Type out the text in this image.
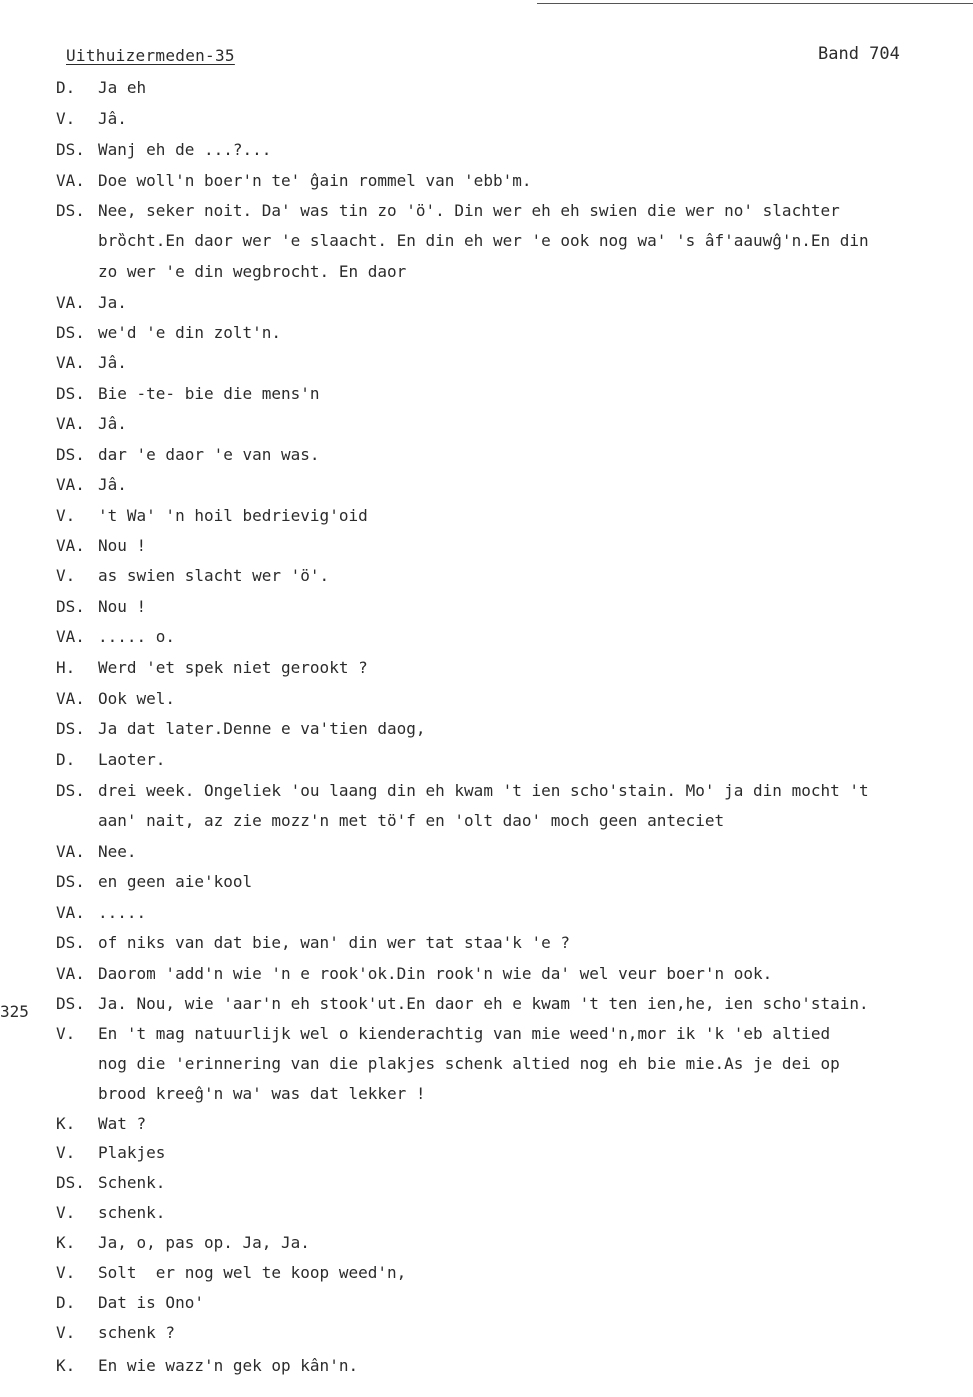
Uithuizermeden-35	Band 704
325
D. Ja eh
V. Jâ.
DS. Wanj eh de ...?...
VA. Doe woll'n boer'n te' ĝain rommel van 'ebb'm.
DS. Nee, seker noit. Da' was tin zo 'ö'. Din wer eh eh swien die wer no' slachter
brȍcht.En daor wer 'e slaacht. En din eh wer 'e ook nog wa' 's âf'aauwĝ'n.En din
zo wer 'e din wegbrocht. En daor
VA. Ja.
DS. we'd 'e din zolt'n.
VA. Jâ.
DS. Bie -te- bie die mens'n
VA. Jâ.
DS. dar 'e daor 'e van was.
VA. Jâ.
V. 't Wa' 'n hoil bedrievig'oid
VA. Nou !
V. as swien slacht wer 'ö'.
DS. Nou !
VA. ..... o.
H. Werd 'et spek niet gerookt ?
VA. Ook wel.
DS. Ja dat later.Denne e va'tien daog,
D. Laoter.
DS. drei week. Ongeliek 'ou laang din eh kwam 't ien scho'stain. Mo' ja din mocht 't
aan' nait, az zie mozz'n met tö'f en 'olt dao' moch geen anteciet
VA. Nee.
DS. en geen aie'kool
VA. .....
DS. of niks van dat bie, wan' din wer tat staa'k 'e ?
VA. Daorom 'add'n wie 'n e rook'ok.Din rook'n wie da' wel veur boer'n ook.
DS. Ja. Nou, wie 'aar'n eh stook'ut.En daor eh e kwam 't ten ien,he, ien scho'stain.
V. En 't mag natuurlijk wel o kienderachtig van mie weed'n,mor ik 'k 'eb altied
nog die 'erinnering van die plakjes schenk altied nog eh bie mie.As je dei op
brood kreeĝ'n wa' was dat lekker !
K. Wat ?
V. Plakjes
DS. Schenk.
V. schenk.
K. Ja, o, pas op. Ja, Ja.
V. Solt  er nog wel te koop weed'n,
D. Dat is Ono'
V. schenk ?
K. En wie wazz'n gek op kân'n.
